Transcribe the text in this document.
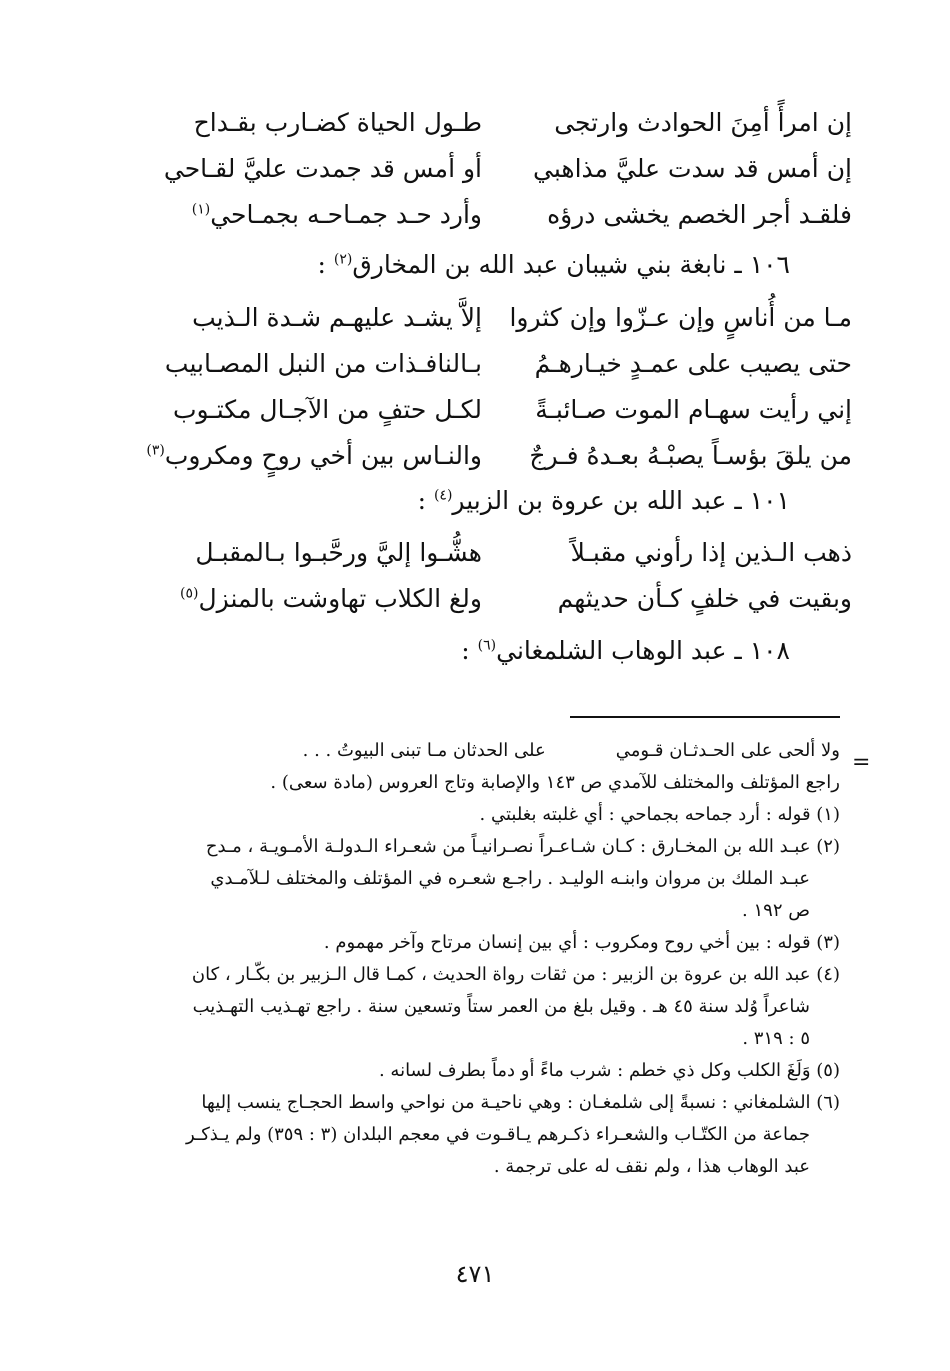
إن امرأً أمِنَ الحوادث وارتجى
طـول الحياة كضـارب بقـداح
إن أمس قد سدت عليَّ مذاهبي
أو أمس قد جمدت عليَّ لقـاحي
فلقـد أجر الخصم يخشى درؤه
وأرد حـد جمـاحـه بجمـاحي$^{(١)}$
١٠٦ ـ نابغة بني شيبان عبد الله بن المخارق$^{(٢)}$ :
مـا من أُناسٍ وإن عـزّوا وإن كثروا
إلاَّ يشـد عليهـم شـدة الـذيب
حتى يصيب على عمـدٍ خيـارهـمُ
بـالنافـذات من النبل المصـابيب
إني رأيت سهـام الموت صـائبـةً
لكـل حتفٍ من الآجـال مكتـوب
من يلقَ بؤسـاً يصبْـهُ بعـدهُ فـرجٌ
والنـاس بين أخي روحٍ ومكروب$^{(٣)}$
١٠١ ـ عبد الله بن عروة بن الزبير$^{(٤)}$ :
ذهب الـذين إذا رأوني مقبـلاً
هشُّـوا إليَّ ورحَّبـوا بـالمقبـل
وبقيت في خلفٍ كـأن حديثهم
ولغ الكلاب تهاوشت بالمنزل$^{(٥)}$
١٠٨ ـ عبد الوهاب الشلمغاني$^{(٦)}$ :
=
ولا ألحى على الحـدثـان قـومي
على الحدثان مـا تبنى البيوتُ . . .
راجع المؤتلف والمختلف للآمدي ص ١٤٣ والإصابة وتاج العروس (مادة سعى) .
(١) قوله : أرد جماحه بجماحي : أي غلبته بغلبتي .
(٢) عبـد الله بن المخـارق : كـان شـاعـراً نصـرانيـاً من شعـراء الـدولـة الأمـويـة ، مـدح
عبـد الملك بن مروان وابنـه الوليـد . راجـع شعـره في المؤتلف والمختلف لـلآمـدي
ص ١٩٢ .
(٣) قوله : بين أخي روح ومكروب : أي بين إنسان مرتاح وآخر مهموم .
(٤) عبد الله بن عروة بن الزبير : من ثقات رواة الحديث ، كمـا قال الـزبير بن بكّـار ، كان
شاعراً وُلد سنة ٤٥ هـ . وقيل بلغ من العمر ستاً وتسعين سنة . راجع تهـذيب التهـذيب
٥ : ٣١٩ .
(٥) وَلَغَ الكلب وكل ذي خطم : شرب ماءً أو دماً بطرف لسانه .
(٦) الشلمغاني : نسبةً إلى شلمغـان : وهي ناحيـة من نواحي واسط الحجـاج ينسب إليها
جماعة من الكتّـاب والشعـراء ذكـرهم يـاقـوت في معجم البلدان (٣ : ٣٥٩) ولم يـذكـر
عبد الوهاب هذا ، ولم نقف له على ترجمة .
٤٧١
